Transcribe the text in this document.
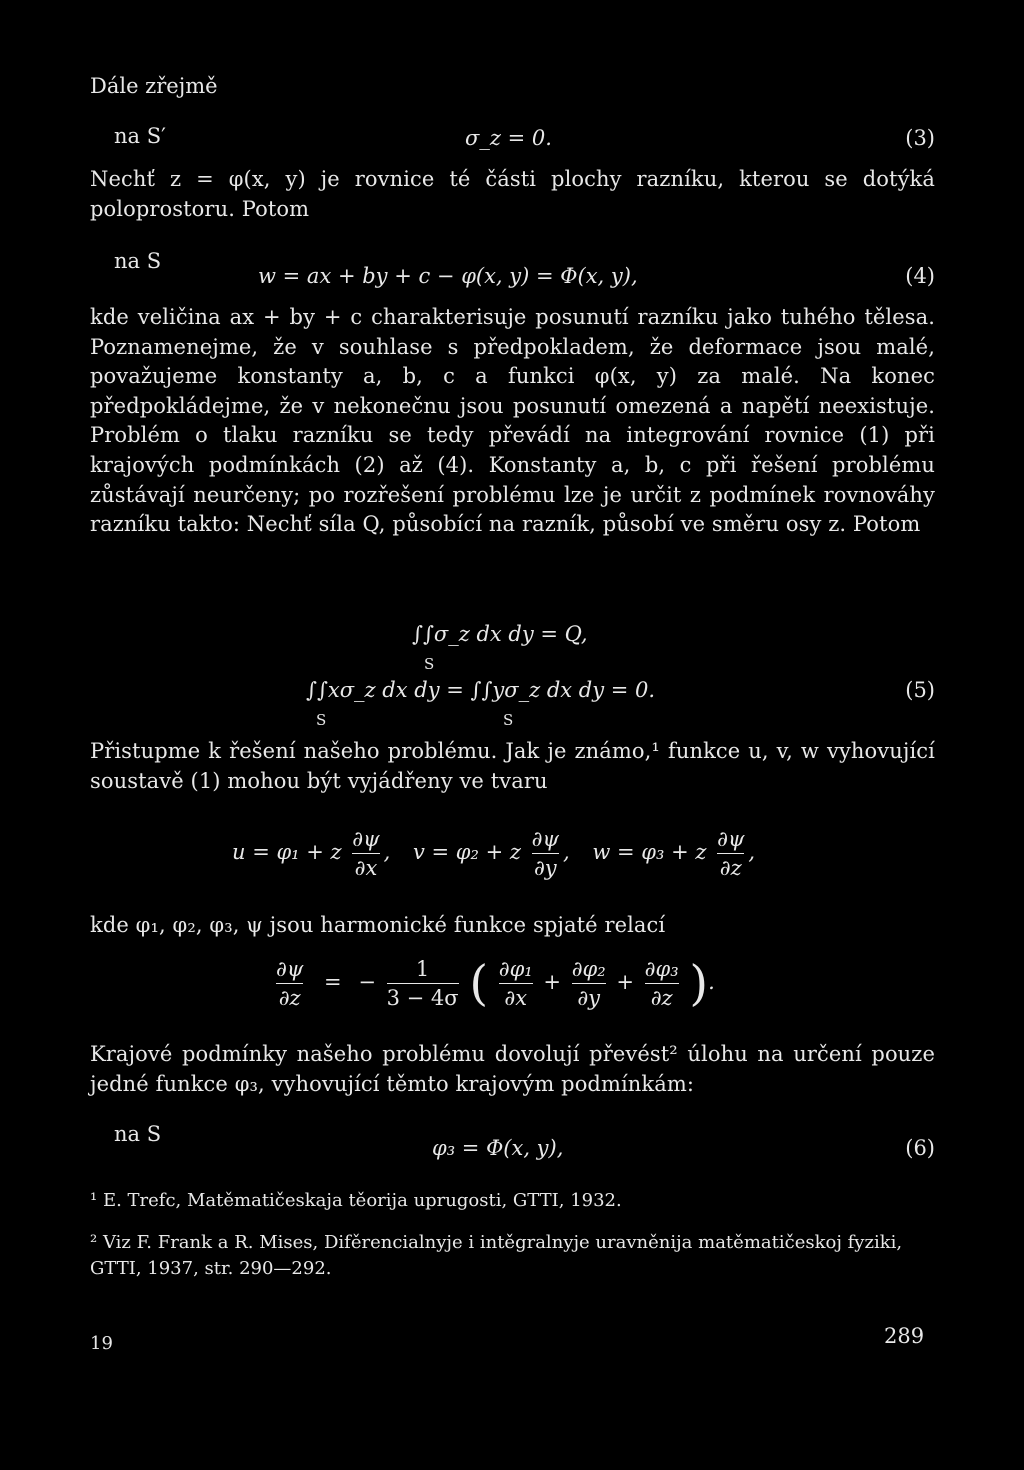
Dále zřejmě
na S′	σ_z = 0.	(3)
Nechť z = φ(x, y) je rovnice té části plochy razníku, kterou se dotýká poloprostoru. Potom
na S
w = ax + by + c − φ(x, y) = Φ(x, y),	(4)
kde veličina ax + by + c charakterisuje posunutí razníku jako tuhého tělesa. Poznamenejme, že v souhlase s předpokladem, že deformace jsou malé, považujeme konstanty a, b, c a funkci φ(x, y) za malé. Na konec předpokládejme, že v nekonečnu jsou posunutí omezená a napětí neexistuje. Problém o tlaku razníku se tedy převádí na integrování rovnice (1) při krajových podmínkách (2) až (4). Konstanty a, b, c při řešení problému zůstávají neurčeny; po rozřešení problému lze je určit z podmínek rovnováhy razníku takto: Nechť síla Q, působící na razník, působí ve směru osy z. Potom
∫∫σ_z dx dy = Q,
S
∫∫xσ_z dx dy = ∫∫yσ_z dx dy = 0.
S	S
(5)
Přistupme k řešení našeho problému. Jak je známo,¹ funkce u, v, w vyhovující soustavě (1) mohou být vyjádřeny ve tvaru
u = φ₁ + z $\frac{\partial\psi}{\partial x}$ , v = φ₂ + z $\frac{\partial\psi}{\partial y}$ , w = φ₃ + z $\frac{\partial\psi}{\partial z}$ ,
kde φ₁, φ₂, φ₃, ψ jsou harmonické funkce spjaté relací
$\frac{\partial\psi}{\partial z}$ = − $\frac{1}{3 - 4\sigma}$ ( $\frac{\text{∂φ₁}}{\partial x} + \frac{\text{∂φ₂}}{\partial y} + \frac{\text{∂φ₃}}{\partial z}$ ).
Krajové podmínky našeho problému dovolují převést² úlohu na určení pouze jedné funkce φ₃, vyhovující těmto krajovým podmínkám:
na S
φ₃ = Φ(x, y),	(6)
¹ E. Trefc, Matěmatičeskaja těorija uprugosti, GTTI, 1932.
² Viz F. Frank a R. Mises, Difěrencialnyje i intěgralnyje uravněnija matěmatičeskoj fyziki, GTTI, 1937, str. 290—292.
19	289
